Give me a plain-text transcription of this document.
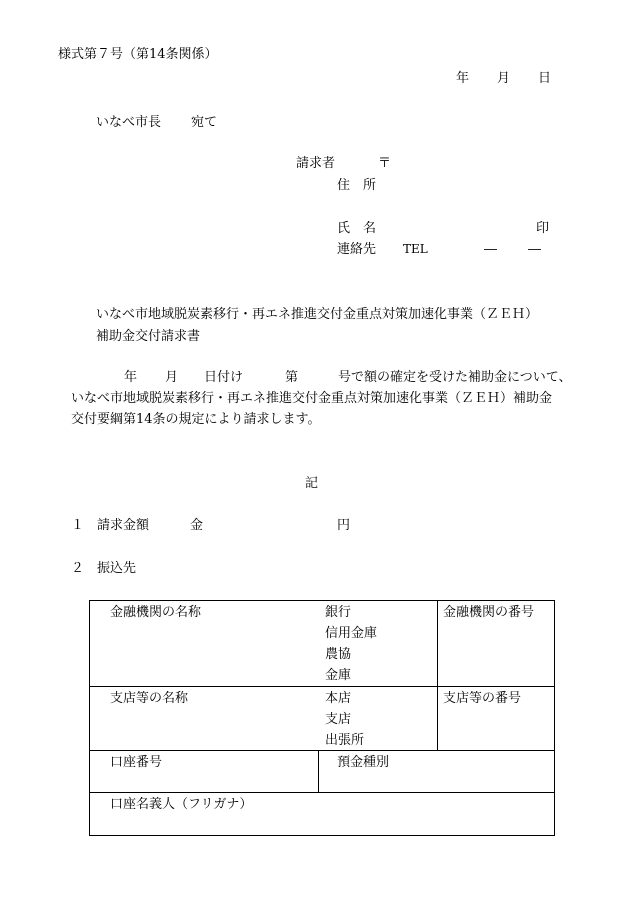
様式第７号（第14条関係）
年 月 日
いなべ市長 宛て
請求者	〒
住　所
氏　名	印
連絡先 TEL	― ―
いなべ市地域脱炭素移行・再エネ推進交付金重点対策加速化事業（ＺＥＨ）
補助金交付請求書
年 月 日付け	第	号で額の確定を受けた補助金について、
いなべ市地域脱炭素移行・再エネ推進交付金重点対策加速化事業（ＺＥＨ）補助金
交付要綱第14条の規定により請求します。
記
１ 請求金額	金	円
２ 振込先
金融機関の名称 銀行
信用金庫
農協
金庫		金融機関の番号

支店等の名称 本店
支店
出張所		支店等の番号
口座番号	預金種別	
口座名義人（フリガナ）		
